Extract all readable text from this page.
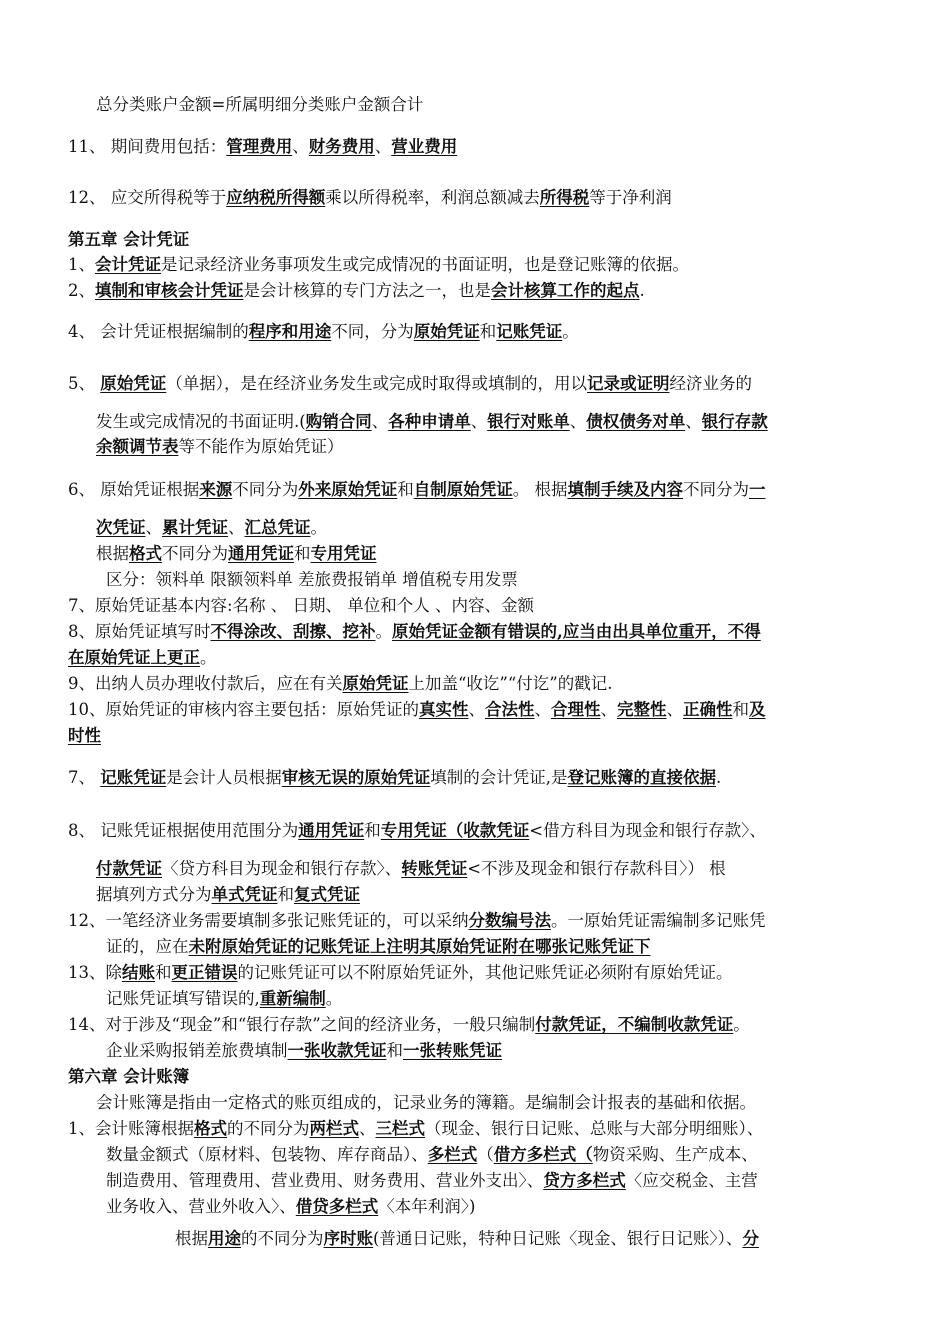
总分类账户金额=所属明细分类账户金额合计
11、 期间费用包括：管理费用、财务费用、营业费用
12、 应交所得税等于应纳税所得额乘以所得税率，利润总额减去所得税等于净利润
第五章 会计凭证
1、会计凭证是记录经济业务事项发生或完成情况的书面证明，也是登记账簿的依据。
2、填制和审核会计凭证是会计核算的专门方法之一，也是会计核算工作的起点.
4、 会计凭证根据编制的程序和用途不同，分为原始凭证和记账凭证。
5、 原始凭证（单据），是在经济业务发生或完成时取得或填制的，用以记录或证明经济业务的
发生或完成情况的书面证明.(购销合同、各种申请单、银行对账单、债权债务对单、银行存款
余额调节表等不能作为原始凭证）
6、 原始凭证根据来源不同分为外来原始凭证和自制原始凭证。 根据填制手续及内容不同分为一
次凭证、累计凭证、汇总凭证。
根据格式不同分为通用凭证和专用凭证
区分：领料单 限额领料单 差旅费报销单 增值税专用发票
7、原始凭证基本内容:名称 、 日期、 单位和个人 、内容、金额
8、原始凭证填写时不得涂改、刮擦、挖补。原始凭证金额有错误的,应当由出具单位重开，不得
在原始凭证上更正。
9、出纳人员办理收付款后，应在有关原始凭证上加盖“收讫”“付讫”的戳记.
10、原始凭证的审核内容主要包括：原始凭证的真实性、合法性、合理性、完整性、正确性和及
时性
7、 记账凭证是会计人员根据审核无误的原始凭证填制的会计凭证,是登记账簿的直接依据.
8、 记账凭证根据使用范围分为通用凭证和专用凭证（收款凭证<借方科目为现金和银行存款〉、
付款凭证〈贷方科目为现金和银行存款〉、转账凭证<不涉及现金和银行存款科目〉） 根
据填列方式分为单式凭证和复式凭证
12、一笔经济业务需要填制多张记账凭证的，可以采纳分数编号法。一原始凭证需编制多记账凭
证的，应在未附原始凭证的记账凭证上注明其原始凭证附在哪张记账凭证下
13、除结账和更正错误的记账凭证可以不附原始凭证外，其他记账凭证必须附有原始凭证。
记账凭证填写错误的,重新编制。
14、对于涉及“现金”和“银行存款”之间的经济业务，一般只编制付款凭证，不编制收款凭证。
企业采购报销差旅费填制一张收款凭证和一张转账凭证
第六章 会计账簿
会计账簿是指由一定格式的账页组成的，记录业务的簿籍。是编制会计报表的基础和依据。
1、会计账簿根据格式的不同分为两栏式、三栏式（现金、银行日记账、总账与大部分明细账）、
数量金额式（原材料、包装物、库存商品）、多栏式（借方多栏式（物资采购、生产成本、
制造费用、管理费用、营业费用、财务费用、营业外支出〉、贷方多栏式〈应交税金、主营
业务收入、营业外收入〉、借贷多栏式〈本年利润〉)
根据用途的不同分为序时账(普通日记账，特种日记账〈现金、银行日记账〉）、分
